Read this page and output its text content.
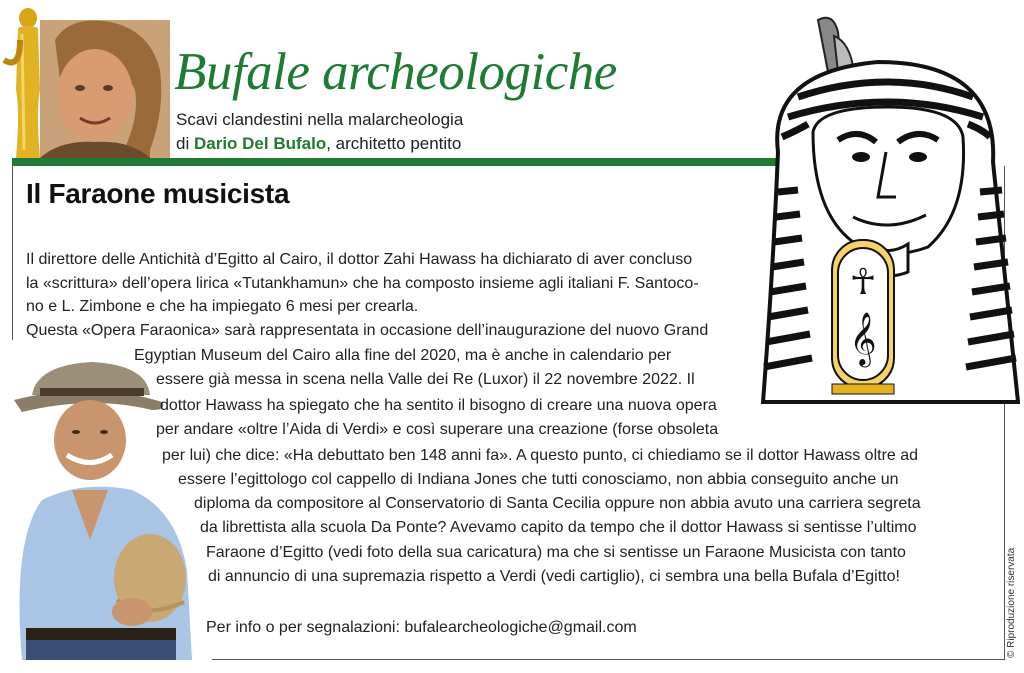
Bufale archeologiche
Scavi clandestini nella malarcheologia
di Dario Del Bufalo, architetto pentito
Il Faraone musicista
☥
𝄞
Il direttore delle Antichità d’Egitto al Cairo, il dottor Zahi Hawass ha dichiarato di aver concluso
la «scrittura» dell’opera lirica «Tutankhamun» che ha composto insieme agli italiani F. Santoco-
no e L. Zimbone e che ha impiegato 6 mesi per crearla.
Questa «Opera Faraonica» sarà rappresentata in occasione dell’inaugurazione del nuovo Grand
Egyptian Museum del Cairo alla fine del 2020, ma è anche in calendario per
essere già messa in scena nella Valle dei Re (Luxor) il 22 novembre 2022. Il
dottor Hawass ha spiegato che ha sentito il bisogno di creare una nuova opera
per andare «oltre l’Aida di Verdi» e così superare una creazione (forse obsoleta
per lui) che dice: «Ha debuttato ben 148 anni fa». A questo punto, ci chiediamo se il dottor Hawass oltre ad
essere l’egittologo col cappello di Indiana Jones che tutti conosciamo, non abbia conseguito anche un
diploma da compositore al Conservatorio di Santa Cecilia oppure non abbia avuto una carriera segreta
da librettista alla scuola Da Ponte? Avevamo capito da tempo che il dottor Hawass si sentisse l’ultimo
Faraone d’Egitto (vedi foto della sua caricatura) ma che si sentisse un Faraone Musicista con tanto
di annuncio di una supremazia rispetto a Verdi (vedi cartiglio), ci sembra una bella Bufala d’Egitto!
Per info o per segnalazioni: bufalearcheologiche@gmail.com	© Riproduzione riservata
